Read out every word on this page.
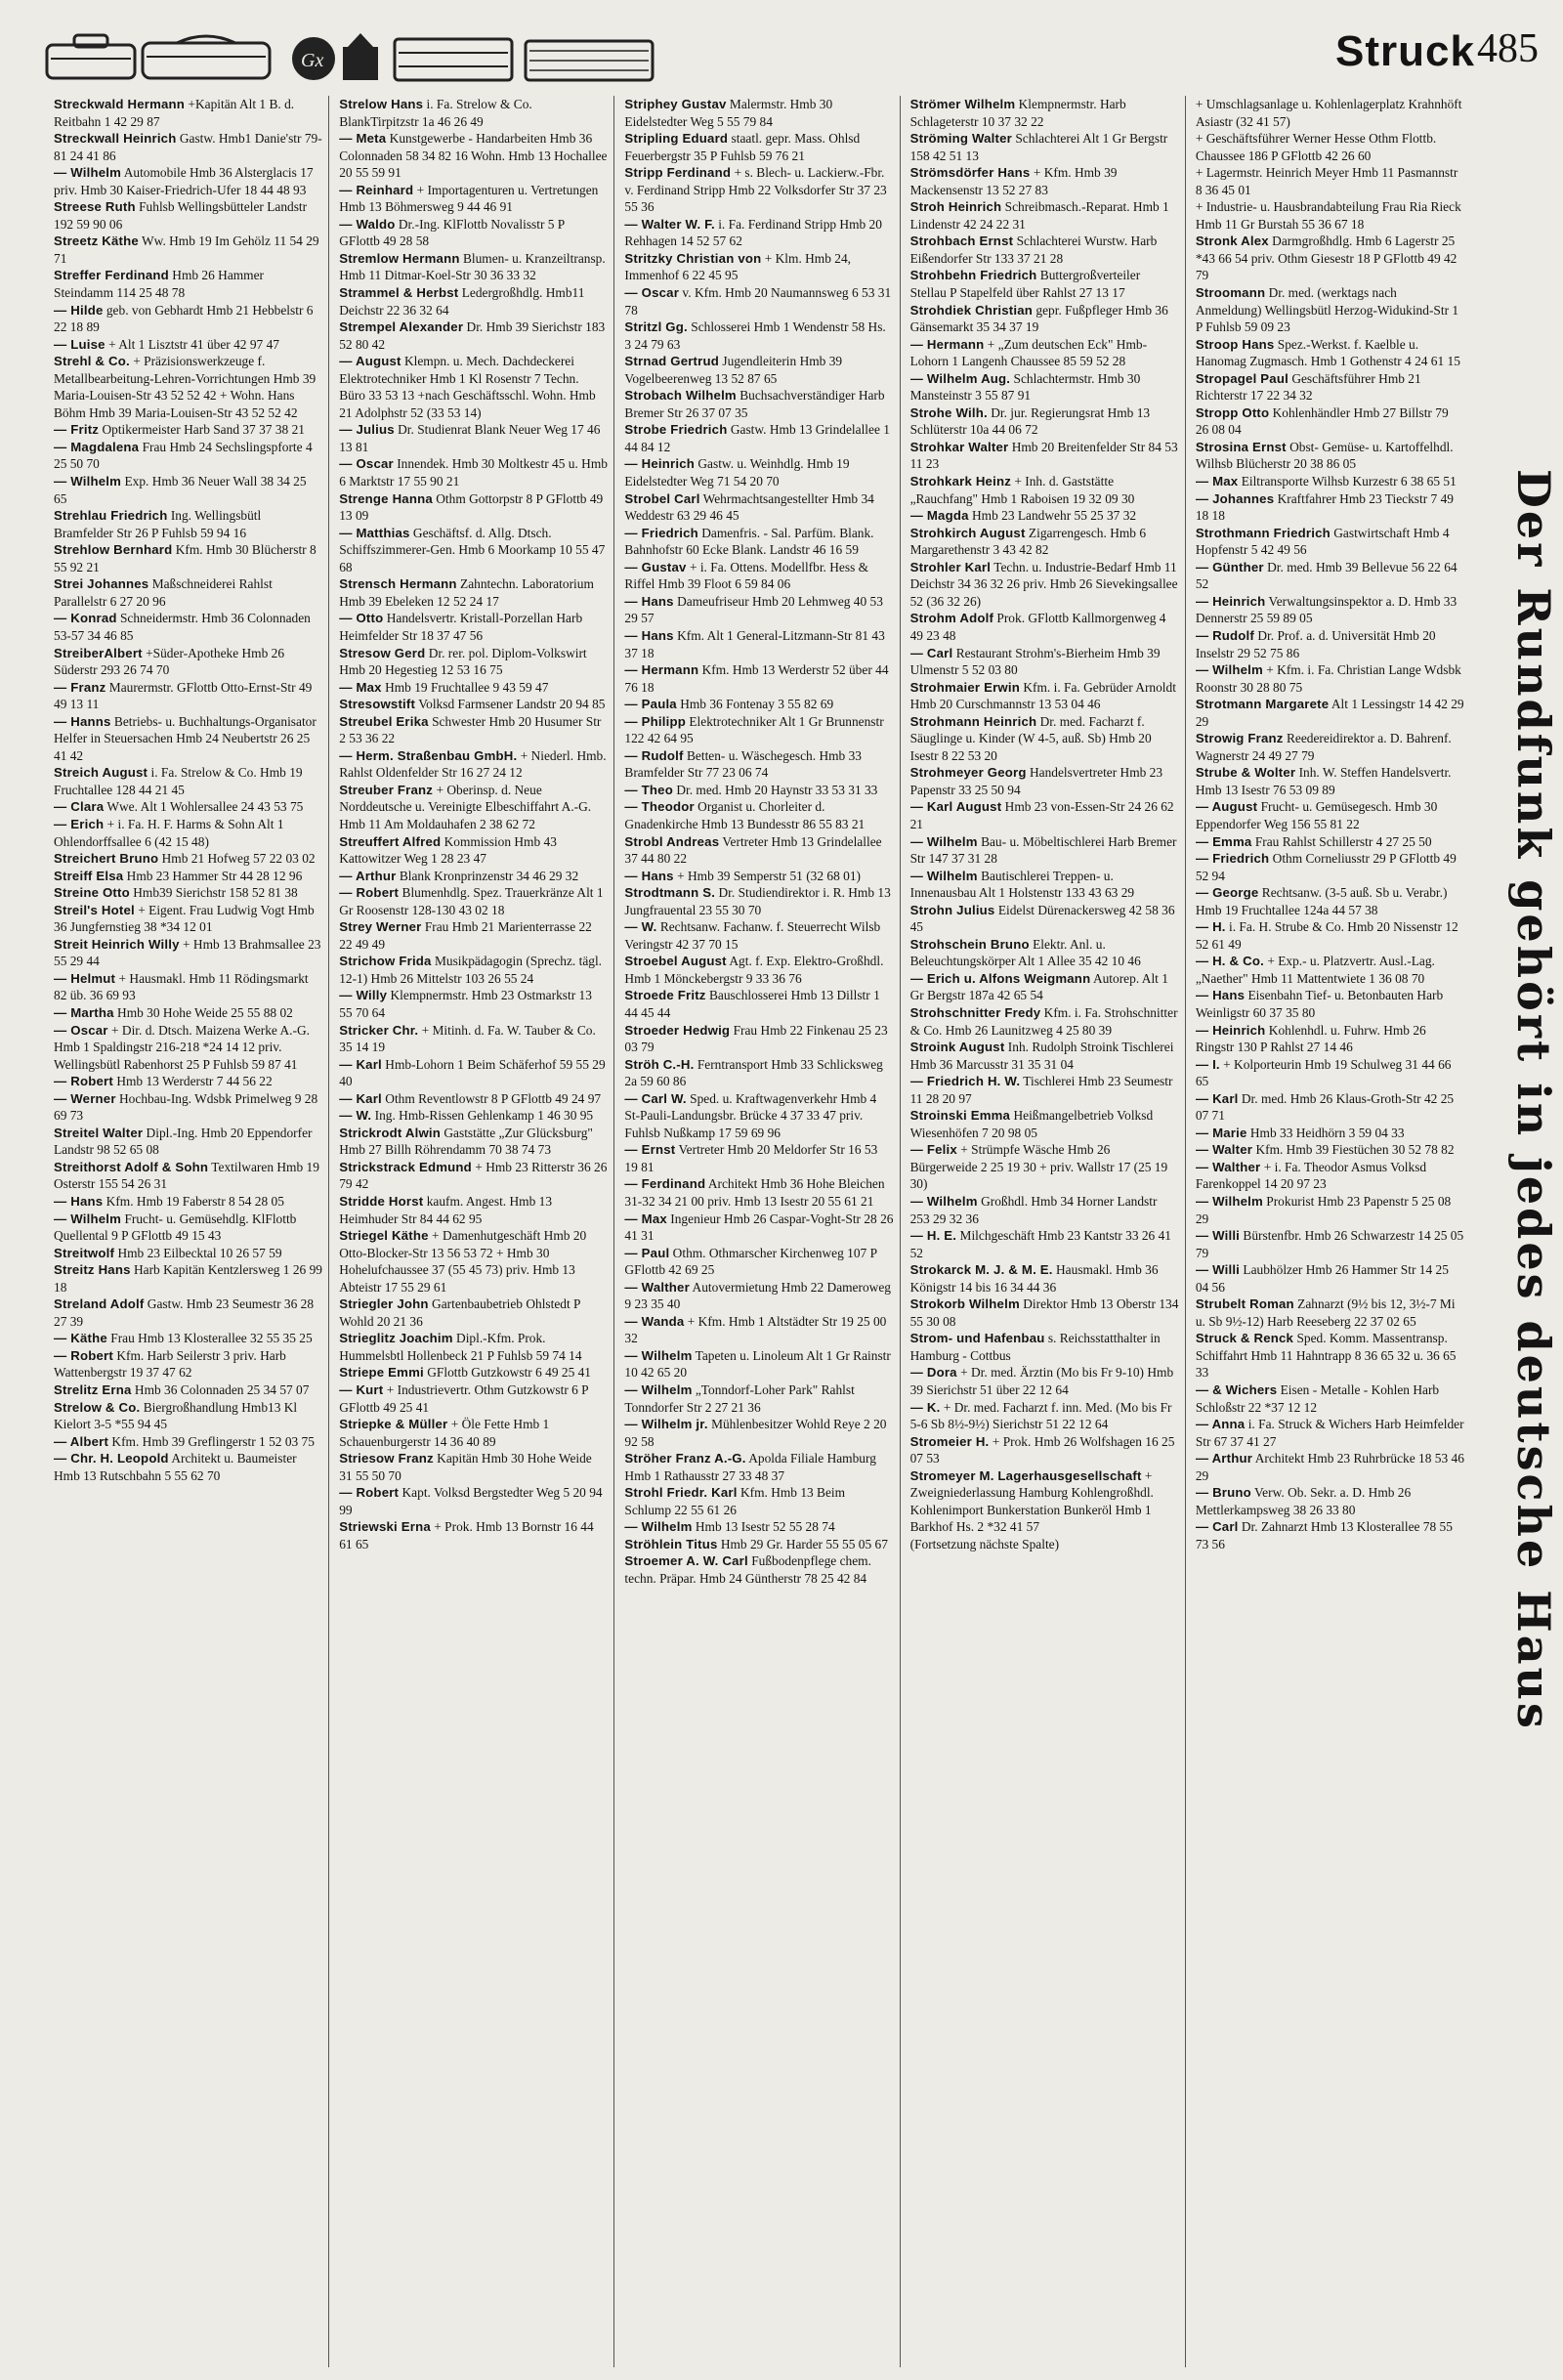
Gx	Struck 485

Streckwald Hermann +Kapitän Alt 1 B. d. Reitbahn 1 42 29 87

Streckwall Heinrich Gastw. Hmb1 Danie'str 79-81 24 41 86

— Wilhelm Automobile Hmb 36 Alsterglacis 17 priv. Hmb 30 Kaiser-Friedrich-Ufer 18 44 48 93

Streese Ruth Fuhlsb Wellingsbütteler Landstr 192 59 90 06

Streetz Käthe Ww. Hmb 19 Im Gehölz 11 54 29 71

Streffer Ferdinand Hmb 26 Hammer Steindamm 114 25 48 78

— Hilde geb. von Gebhardt Hmb 21 Hebbelstr 6 22 18 89

— Luise + Alt 1 Lisztstr 41 über 42 97 47

Strehl & Co. + Präzisionswerkzeuge f. Metallbearbeitung-Lehren-Vorrichtungen Hmb 39 Maria-Louisen-Str 43 52 52 42 + Wohn. Hans Böhm Hmb 39 Maria-Louisen-Str 43 52 52 42

— Fritz Optikermeister Harb Sand 37 37 38 21

— Magdalena Frau Hmb 24 Sechslingspforte 4 25 50 70

— Wilhelm Exp. Hmb 36 Neuer Wall 38 34 25 65

Strehlau Friedrich Ing. Wellingsbütl Bramfelder Str 26 P Fuhlsb 59 94 16

Strehlow Bernhard Kfm. Hmb 30 Blücherstr 8 55 92 21

Strei Johannes Maßschneiderei Rahlst Parallelstr 6 27 20 96

— Konrad Schneidermstr. Hmb 36 Colonnaden 53-57 34 46 85

StreiberAlbert +Süder-Apotheke Hmb 26 Süderstr 293 26 74 70

— Franz Maurermstr. GFlottb Otto-Ernst-Str 49 49 13 11

— Hanns Betriebs- u. Buchhaltungs-Organisator Helfer in Steuersachen Hmb 24 Neubertstr 26 25 41 42

Streich August i. Fa. Strelow & Co. Hmb 19 Fruchtallee 128 44 21 45

— Clara Wwe. Alt 1 Wohlersallee 24 43 53 75

— Erich + i. Fa. H. F. Harms & Sohn Alt 1 Ohlendorffsallee 6 (42 15 48)

Streichert Bruno Hmb 21 Hofweg 57 22 03 02

Streiff Elsa Hmb 23 Hammer Str 44 28 12 96

Streine Otto Hmb39 Sierichstr 158 52 81 38

Streil's Hotel + Eigent. Frau Ludwig Vogt Hmb 36 Jungfernstieg 38 *34 12 01

Streit Heinrich Willy + Hmb 13 Brahmsallee 23 55 29 44

— Helmut + Hausmakl. Hmb 11 Rödingsmarkt 82 üb. 36 69 93

— Martha Hmb 30 Hohe Weide 25 55 88 02

— Oscar + Dir. d. Dtsch. Maizena Werke A.-G. Hmb 1 Spaldingstr 216-218 *24 14 12 priv. Wellingsbütl Rabenhorst 25 P Fuhlsb 59 87 41

— Robert Hmb 13 Werderstr 7 44 56 22

— Werner Hochbau-Ing. Wdsbk Primelweg 9 28 69 73

Streitel Walter Dipl.-Ing. Hmb 20 Eppendorfer Landstr 98 52 65 08

Streithorst Adolf & Sohn Textilwaren Hmb 19 Osterstr 155 54 26 31

— Hans Kfm. Hmb 19 Faberstr 8 54 28 05

— Wilhelm Frucht- u. Gemüsehdlg. KlFlottb Quellental 9 P GFlottb 49 15 43

Streitwolf Hmb 23 Eilbecktal 10 26 57 59

Streitz Hans Harb Kapitän Kentzlersweg 1 26 99 18

Streland Adolf Gastw. Hmb 23 Seumestr 36 28 27 39

— Käthe Frau Hmb 13 Klosterallee 32 55 35 25

— Robert Kfm. Harb Seilerstr 3 priv. Harb Wattenbergstr 19 37 47 62

Strelitz Erna Hmb 36 Colonnaden 25 34 57 07

Strelow & Co. Biergroßhandlung Hmb13 Kl Kielort 3-5 *55 94 45

— Albert Kfm. Hmb 39 Greflingerstr 1 52 03 75

— Chr. H. Leopold Architekt u. Baumeister Hmb 13 Rutschbahn 5 55 62 70

Strelow Hans i. Fa. Strelow & Co. BlankTirpitzstr 1a 46 26 49

— Meta Kunstgewerbe - Handarbeiten Hmb 36 Colonnaden 58 34 82 16 Wohn. Hmb 13 Hochallee 20 55 59 91

— Reinhard + Importagenturen u. Vertretungen Hmb 13 Böhmersweg 9 44 46 91

— Waldo Dr.-Ing. KlFlottb Novalisstr 5 P GFlottb 49 28 58

Stremlow Hermann Blumen- u. Kranzeiltransp. Hmb 11 Ditmar-Koel-Str 30 36 33 32

Strammel & Herbst Ledergroßhdlg. Hmb11 Deichstr 22 36 32 64

Strempel Alexander Dr. Hmb 39 Sierichstr 183 52 80 42

— August Klempn. u. Mech. Dachdeckerei Elektrotechniker Hmb 1 Kl Rosenstr 7 Techn. Büro 33 53 13 +nach Geschäftsschl. Wohn. Hmb 21 Adolphstr 52 (33 53 14)

— Julius Dr. Studienrat Blank Neuer Weg 17 46 13 81

— Oscar Innendek. Hmb 30 Moltkestr 45 u. Hmb 6 Marktstr 17 55 90 21

Strenge Hanna Othm Gottorpstr 8 P GFlottb 49 13 09

— Matthias Geschäftsf. d. Allg. Dtsch. Schiffszimmerer-Gen. Hmb 6 Moorkamp 10 55 47 68

Strensch Hermann Zahntechn. Laboratorium Hmb 39 Ebeleken 12 52 24 17

— Otto Handelsvertr. Kristall-Porzellan Harb Heimfelder Str 18 37 47 56

Stresow Gerd Dr. rer. pol. Diplom-Volkswirt Hmb 20 Hegestieg 12 53 16 75

— Max Hmb 19 Fruchtallee 9 43 59 47

Stresowstift Volksd Farmsener Landstr 20 94 85

Streubel Erika Schwester Hmb 20 Husumer Str 2 53 36 22

— Herm. Straßenbau GmbH. + Niederl. Hmb. Rahlst Oldenfelder Str 16 27 24 12

Streuber Franz + Oberinsp. d. Neue Norddeutsche u. Vereinigte Elbeschiffahrt A.-G. Hmb 11 Am Moldauhafen 2 38 62 72

Streuffert Alfred Kommission Hmb 43 Kattowitzer Weg 1 28 23 47

— Arthur Blank Kronprinzenstr 34 46 29 32

— Robert Blumenhdlg. Spez. Trauerkränze Alt 1 Gr Roosenstr 128-130 43 02 18

Strey Werner Frau Hmb 21 Marienterrasse 22 22 49 49

Strichow Frida Musikpädagogin (Sprechz. tägl. 12-1) Hmb 26 Mittelstr 103 26 55 24

— Willy Klempnermstr. Hmb 23 Ostmarkstr 13 55 70 64

Stricker Chr. + Mitinh. d. Fa. W. Tauber & Co. 35 14 19

— Karl Hmb-Lohorn 1 Beim Schäferhof 59 55 29 40

— Karl Othm Reventlowstr 8 P GFlottb 49 24 97

— W. Ing. Hmb-Rissen Gehlenkamp 1 46 30 95

Strickrodt Alwin Gaststätte „Zur Glücksburg" Hmb 27 Billh Röhrendamm 70 38 74 73

Strickstrack Edmund + Hmb 23 Ritterstr 36 26 79 42

Stridde Horst kaufm. Angest. Hmb 13 Heimhuder Str 84 44 62 95

Striegel Käthe + Damenhutgeschäft Hmb 20 Otto-Blocker-Str 13 56 53 72 + Hmb 30 Hohelufchaussee 37 (55 45 73) priv. Hmb 13 Abteistr 17 55 29 61

Striegler John Gartenbaubetrieb Ohlstedt P Wohld 20 21 36

Strieglitz Joachim Dipl.-Kfm. Prok. Hummelsbtl Hollenbeck 21 P Fuhlsb 59 74 14

Striepe Emmi GFlottb Gutzkowstr 6 49 25 41

— Kurt + Industrievertr. Othm Gutzkowstr 6 P GFlottb 49 25 41

Striepke & Müller + Öle Fette Hmb 1 Schauenburgerstr 14 36 40 89

Striesow Franz Kapitän Hmb 30 Hohe Weide 31 55 50 70

— Robert Kapt. Volksd Bergstedter Weg 5 20 94 99

Striewski Erna + Prok. Hmb 13 Bornstr 16 44 61 65

Striphey Gustav Malermstr. Hmb 30 Eidelstedter Weg 5 55 79 84

Stripling Eduard staatl. gepr. Mass. Ohlsd Feuerbergstr 35 P Fuhlsb 59 76 21

Stripp Ferdinand + s. Blech- u. Lackierw.-Fbr. v. Ferdinand Stripp Hmb 22 Volksdorfer Str 37 23 55 36

— Walter W. F. i. Fa. Ferdinand Stripp Hmb 20 Rehhagen 14 52 57 62

Stritzky Christian von + Klm. Hmb 24, Immenhof 6 22 45 95

— Oscar v. Kfm. Hmb 20 Naumannsweg 6 53 31 78

Stritzl Gg. Schlosserei Hmb 1 Wendenstr 58 Hs. 3 24 79 63

Strnad Gertrud Jugendleiterin Hmb 39 Vogelbeerenweg 13 52 87 65

Strobach Wilhelm Buchsachverständiger Harb Bremer Str 26 37 07 35

Strobe Friedrich Gastw. Hmb 13 Grindelallee 1 44 84 12

— Heinrich Gastw. u. Weinhdlg. Hmb 19 Eidelstedter Weg 71 54 20 70

Strobel Carl Wehrmachtsangestellter Hmb 34 Weddestr 63 29 46 45

— Friedrich Damenfris. - Sal. Parfüm. Blank. Bahnhofstr 60 Ecke Blank. Landstr 46 16 59

— Gustav + i. Fa. Ottens. Modellfbr. Hess & Riffel Hmb 39 Floot 6 59 84 06

— Hans Dameufriseur Hmb 20 Lehmweg 40 53 29 57

— Hans Kfm. Alt 1 General-Litzmann-Str 81 43 37 18

— Hermann Kfm. Hmb 13 Werderstr 52 über 44 76 18

— Paula Hmb 36 Fontenay 3 55 82 69

— Philipp Elektrotechniker Alt 1 Gr Brunnenstr 122 42 64 95

— Rudolf Betten- u. Wäschegesch. Hmb 33 Bramfelder Str 77 23 06 74

— Theo Dr. med. Hmb 20 Haynstr 33 53 31 33

— Theodor Organist u. Chorleiter d. Gnadenkirche Hmb 13 Bundesstr 86 55 83 21

Strobl Andreas Vertreter Hmb 13 Grindelallee 37 44 80 22

— Hans + Hmb 39 Semperstr 51 (32 68 01)

Strodtmann S. Dr. Studiendirektor i. R. Hmb 13 Jungfrauental 23 55 30 70

— W. Rechtsanw. Fachanw. f. Steuerrecht Wilsb Veringstr 42 37 70 15

Stroebel August Agt. f. Exp. Elektro-Großhdl. Hmb 1 Mönckebergstr 9 33 36 76

Stroede Fritz Bauschlosserei Hmb 13 Dillstr 1 44 45 44

Stroeder Hedwig Frau Hmb 22 Finkenau 25 23 03 79

Ströh C.-H. Ferntransport Hmb 33 Schlicksweg 2a 59 60 86

— Carl W. Sped. u. Kraftwagenverkehr Hmb 4 St-Pauli-Landungsbr. Brücke 4 37 33 47 priv. Fuhlsb Nußkamp 17 59 69 96

— Ernst Vertreter Hmb 20 Meldorfer Str 16 53 19 81

— Ferdinand Architekt Hmb 36 Hohe Bleichen 31-32 34 21 00 priv. Hmb 13 Isestr 20 55 61 21

— Max Ingenieur Hmb 26 Caspar-Voght-Str 28 26 41 31

— Paul Othm. Othmarscher Kirchenweg 107 P GFlottb 42 69 25

— Walther Autovermietung Hmb 22 Dameroweg 9 23 35 40

— Wanda + Kfm. Hmb 1 Altstädter Str 19 25 00 32

— Wilhelm Tapeten u. Linoleum Alt 1 Gr Rainstr 10 42 65 20

— Wilhelm „Tonndorf-Loher Park" Rahlst Tonndorfer Str 2 27 21 36

— Wilhelm jr. Mühlenbesitzer Wohld Reye 2 20 92 58

Ströher Franz A.-G. Apolda Filiale Hamburg Hmb 1 Rathausstr 27 33 48 37

Strohl Friedr. Karl Kfm. Hmb 13 Beim Schlump 22 55 61 26

— Wilhelm Hmb 13 Isestr 52 55 28 74

Ströhlein Titus Hmb 29 Gr. Harder 55 55 05 67

Stroemer A. W. Carl Fußbodenpflege chem. techn. Präpar. Hmb 24 Güntherstr 78 25 42 84

Strömer Wilhelm Klempnermstr. Harb Schlageterstr 10 37 32 22

Ströming Walter Schlachterei Alt 1 Gr Bergstr 158 42 51 13

Strömsdörfer Hans + Kfm. Hmb 39 Mackensenstr 13 52 27 83

Stroh Heinrich Schreibmasch.-Reparat. Hmb 1 Lindenstr 42 24 22 31

Strohbach Ernst Schlachterei Wurstw. Harb Eißendorfer Str 133 37 21 28

Strohbehn Friedrich Buttergroßverteiler Stellau P Stapelfeld über Rahlst 27 13 17

Strohdiek Christian gepr. Fußpfleger Hmb 36 Gänsemarkt 35 34 37 19

— Hermann + „Zum deutschen Eck" Hmb-Lohorn 1 Langenh Chaussee 85 59 52 28

— Wilhelm Aug. Schlachtermstr. Hmb 30 Mansteinstr 3 55 87 91

Strohe Wilh. Dr. jur. Regierungsrat Hmb 13 Schlüterstr 10a 44 06 72

Strohkar Walter Hmb 20 Breitenfelder Str 84 53 11 23

Strohkark Heinz + Inh. d. Gaststätte „Rauchfang" Hmb 1 Raboisen 19 32 09 30

— Magda Hmb 23 Landwehr 55 25 37 32

Strohkirch August Zigarrengesch. Hmb 6 Margarethenstr 3 43 42 82

Strohler Karl Techn. u. Industrie-Bedarf Hmb 11 Deichstr 34 36 32 26 priv. Hmb 26 Sievekingsallee 52 (36 32 26)

Strohm Adolf Prok. GFlottb Kallmorgenweg 4 49 23 48

— Carl Restaurant Strohm's-Bierheim Hmb 39 Ulmenstr 5 52 03 80

Strohmaier Erwin Kfm. i. Fa. Gebrüder Arnoldt Hmb 20 Curschmannstr 13 53 04 46

Strohmann Heinrich Dr. med. Facharzt f. Säuglinge u. Kinder (W 4-5, auß. Sb) Hmb 20 Isestr 8 22 53 20

Strohmeyer Georg Handelsvertreter Hmb 23 Papenstr 33 25 50 94

— Karl August Hmb 23 von-Essen-Str 24 26 62 21

— Wilhelm Bau- u. Möbeltischlerei Harb Bremer Str 147 37 31 28

— Wilhelm Bautischlerei Treppen- u. Innenausbau Alt 1 Holstenstr 133 43 63 29

Strohn Julius Eidelst Dürenackersweg 42 58 36 45

Strohschein Bruno Elektr. Anl. u. Beleuchtungskörper Alt 1 Allee 35 42 10 46

— Erich u. Alfons Weigmann Autorep. Alt 1 Gr Bergstr 187a 42 65 54

Strohschnitter Fredy Kfm. i. Fa. Strohschnitter & Co. Hmb 26 Launitzweg 4 25 80 39

Stroink August Inh. Rudolph Stroink Tischlerei Hmb 36 Marcusstr 31 35 31 04

— Friedrich H. W. Tischlerei Hmb 23 Seumestr 11 28 20 97

Stroinski Emma Heißmangelbetrieb Volksd Wiesenhöfen 7 20 98 05

— Felix + Strümpfe Wäsche Hmb 26 Bürgerweide 2 25 19 30 + priv. Wallstr 17 (25 19 30)

— Wilhelm Großhdl. Hmb 34 Horner Landstr 253 29 32 36

— H. E. Milchgeschäft Hmb 23 Kantstr 33 26 41 52

Strokarck M. J. & M. E. Hausmakl. Hmb 36 Königstr 14 bis 16 34 44 36

Strokorb Wilhelm Direktor Hmb 13 Oberstr 134 55 30 08

Strom- und Hafenbau s. Reichsstatthalter in Hamburg - Cottbus

— Dora + Dr. med. Ärztin (Mo bis Fr 9-10) Hmb 39 Sierichstr 51 über 22 12 64

— K. + Dr. med. Facharzt f. inn. Med. (Mo bis Fr 5-6 Sb 8½-9½) Sierichstr 51 22 12 64

Stromeier H. + Prok. Hmb 26 Wolfshagen 16 25 07 53

Stromeyer M. Lagerhausgesellschaft + Zweigniederlassung Hamburg Kohlengroßhdl. Kohlenimport Bunkerstation Bunkeröl Hmb 1 Barkhof Hs. 2 *32 41 57

(Fortsetzung nächste Spalte)

+ Umschlagsanlage u. Kohlenlagerplatz Krahnhöft Asiastr (32 41 57)

+ Geschäftsführer Werner Hesse Othm Flottb. Chaussee 186 P GFlottb 42 26 60

+ Lagermstr. Heinrich Meyer Hmb 11 Pasmannstr 8 36 45 01

+ Industrie- u. Hausbrandabteilung Frau Ria Rieck Hmb 11 Gr Burstah 55 36 67 18

Stronk Alex Darmgroßhdlg. Hmb 6 Lagerstr 25 *43 66 54 priv. Othm Giesestr 18 P GFlottb 49 42 79

Stroomann Dr. med. (werktags nach Anmeldung) Wellingsbütl Herzog-Widukind-Str 1 P Fuhlsb 59 09 23

Stroop Hans Spez.-Werkst. f. Kaelble u. Hanomag Zugmasch. Hmb 1 Gothenstr 4 24 61 15

Stropagel Paul Geschäftsführer Hmb 21 Richterstr 17 22 34 32

Stropp Otto Kohlenhändler Hmb 27 Billstr 79 26 08 04

Strosina Ernst Obst- Gemüse- u. Kartoffelhdl. Wilhsb Blücherstr 20 38 86 05

— Max Eiltransporte Wilhsb Kurzestr 6 38 65 51

— Johannes Kraftfahrer Hmb 23 Tieckstr 7 49 18 18

Strothmann Friedrich Gastwirtschaft Hmb 4 Hopfenstr 5 42 49 56

— Günther Dr. med. Hmb 39 Bellevue 56 22 64 52

— Heinrich Verwaltungsinspektor a. D. Hmb 33 Dennerstr 25 59 89 05

— Rudolf Dr. Prof. a. d. Universität Hmb 20 Inselstr 29 52 75 86

— Wilhelm + Kfm. i. Fa. Christian Lange Wdsbk Roonstr 30 28 80 75

Strotmann Margarete Alt 1 Lessingstr 14 42 29 29

Strowig Franz Reedereidirektor a. D. Bahrenf. Wagnerstr 24 49 27 79

Strube & Wolter Inh. W. Steffen Handelsvertr. Hmb 13 Isestr 76 53 09 89

— August Frucht- u. Gemüsegesch. Hmb 30 Eppendorfer Weg 156 55 81 22

— Emma Frau Rahlst Schillerstr 4 27 25 50

— Friedrich Othm Corneliusstr 29 P GFlottb 49 52 94

— George Rechtsanw. (3-5 auß. Sb u. Verabr.) Hmb 19 Fruchtallee 124a 44 57 38

— H. i. Fa. H. Strube & Co. Hmb 20 Nissenstr 12 52 61 49

— H. & Co. + Exp.- u. Platzvertr. Ausl.-Lag. „Naether" Hmb 11 Mattentwiete 1 36 08 70

— Hans Eisenbahn Tief- u. Betonbauten Harb Weinligstr 60 37 35 80

— Heinrich Kohlenhdl. u. Fuhrw. Hmb 26 Ringstr 130 P Rahlst 27 14 46

— I. + Kolporteurin Hmb 19 Schulweg 31 44 66 65

— Karl Dr. med. Hmb 26 Klaus-Groth-Str 42 25 07 71

— Marie Hmb 33 Heidhörn 3 59 04 33

— Walter Kfm. Hmb 39 Fiestüchen 30 52 78 82

— Walther + i. Fa. Theodor Asmus Volksd Farenkoppel 14 20 97 23

— Wilhelm Prokurist Hmb 23 Papenstr 5 25 08 29

— Willi Bürstenfbr. Hmb 26 Schwarzestr 14 25 05 79

— Willi Laubhölzer Hmb 26 Hammer Str 14 25 04 56

Strubelt Roman Zahnarzt (9½ bis 12, 3½-7 Mi u. Sb 9½-12) Harb Reeseberg 22 37 02 65

Struck & Renck Sped. Komm. Massentransp. Schiffahrt Hmb 11 Hahntrapp 8 36 65 32 u. 36 65 33

— & Wichers Eisen - Metalle - Kohlen Harb Schloßstr 22 *37 12 12

— Anna i. Fa. Struck & Wichers Harb Heimfelder Str 67 37 41 27

— Arthur Architekt Hmb 23 Ruhrbrücke 18 53 46 29

— Bruno Verw. Ob. Sekr. a. D. Hmb 26 Mettlerkampsweg 38 26 33 80

— Carl Dr. Zahnarzt Hmb 13 Klosterallee 78 55 73 56	Der Rundfunk gehört in jedes deutsche Haus
